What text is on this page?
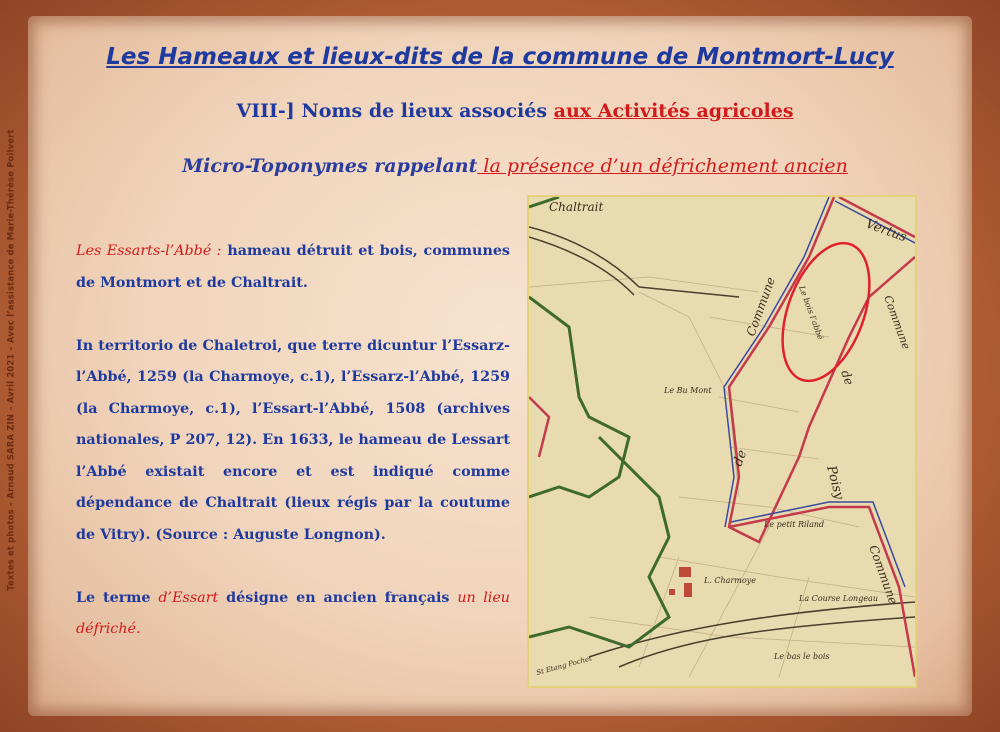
Textes et photos – Arnaud SARA ZIN – Avril 2021 – Avec l’assistance de Marie-Thérèse Poilvert
Les Hameaux et lieux-dits de la commune de Montmort-Lucy
VIII-] Noms de lieux associés aux Activités agricoles
Micro-Toponymes rappelant la présence d’un défrichement ancien

Les Essarts-l’Abbé : hameau détruit et bois, communes de Montmort et de Chaltrait.

In territorio de Chaletroi, que terre dicuntur l’Essarz-l’Abbé, 1259 (la Charmoye, c.1), l’Essarz-l’Abbé, 1259 (la Charmoye, c.1), l’Essart-l’Abbé, 1508 (archives nationales, P 207, 12). En 1633, le hameau de Lessart l’Abbé existait encore et est indiqué comme dépendance de Chaltrait (lieux régis par la coutume de Vitry). (Source : Auguste Longnon).

Le terme d’Essart désigne en ancien français un lieu défriché.

Chaltrait
Vertus
Commune	Commune
Commune
Le Bu Mont
Le petit Riland
L. Charmoye
La Course Longeau
Le bas le bois
de
de
Poisy
Le bois l’abbé
St Etang Pochet
